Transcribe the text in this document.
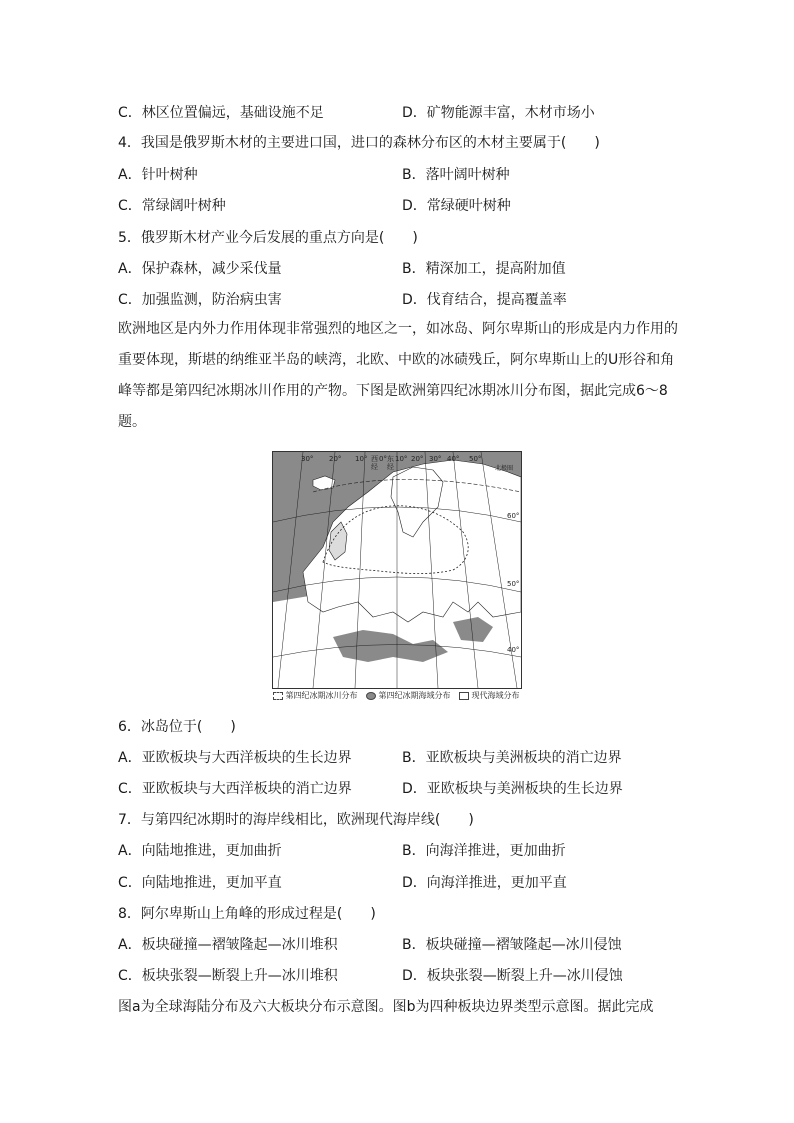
C．林区位置偏远，基础设施不足	D．矿物能源丰富，木材市场小
4．我国是俄罗斯木材的主要进口国，进口的森林分布区的木材主要属于(　　)
A．针叶树种	B．落叶阔叶树种
C．常绿阔叶树种	D．常绿硬叶树种
5．俄罗斯木材产业今后发展的重点方向是(　　)
A．保护森林，减少采伐量	B．精深加工，提高附加值
C．加强监测，防治病虫害	D．伐育结合，提高覆盖率
欧洲地区是内外力作用体现非常强烈的地区之一，如冰岛、阿尔卑斯山的形成是内力作用的重要体现，斯堪的纳维亚半岛的峡湾，北欧、中欧的冰碛残丘，阿尔卑斯山上的U形谷和角峰等都是第四纪冰期冰川作用的产物。下图是欧洲第四纪冰期冰川分布图，据此完成6～8题。
30° 20° 10° 西 0° 东 10° 20° 30° 40° 50°
经 经
60°
50°
40°
北极圈
第四纪冰期冰川分布	第四纪冰期海域分布	现代海域分布
6．冰岛位于(　　)
A．亚欧板块与大西洋板块的生长边界	B．亚欧板块与美洲板块的消亡边界
C．亚欧板块与大西洋板块的消亡边界	D．亚欧板块与美洲板块的生长边界
7．与第四纪冰期时的海岸线相比，欧洲现代海岸线(　　)
A．向陆地推进，更加曲折	B．向海洋推进，更加曲折
C．向陆地推进，更加平直	D．向海洋推进，更加平直
8．阿尔卑斯山上角峰的形成过程是(　　)
A．板块碰撞—褶皱隆起—冰川堆积	B．板块碰撞—褶皱隆起—冰川侵蚀
C．板块张裂—断裂上升—冰川堆积	D．板块张裂—断裂上升—冰川侵蚀
图a为全球海陆分布及六大板块分布示意图。图b为四种板块边界类型示意图。据此完成
